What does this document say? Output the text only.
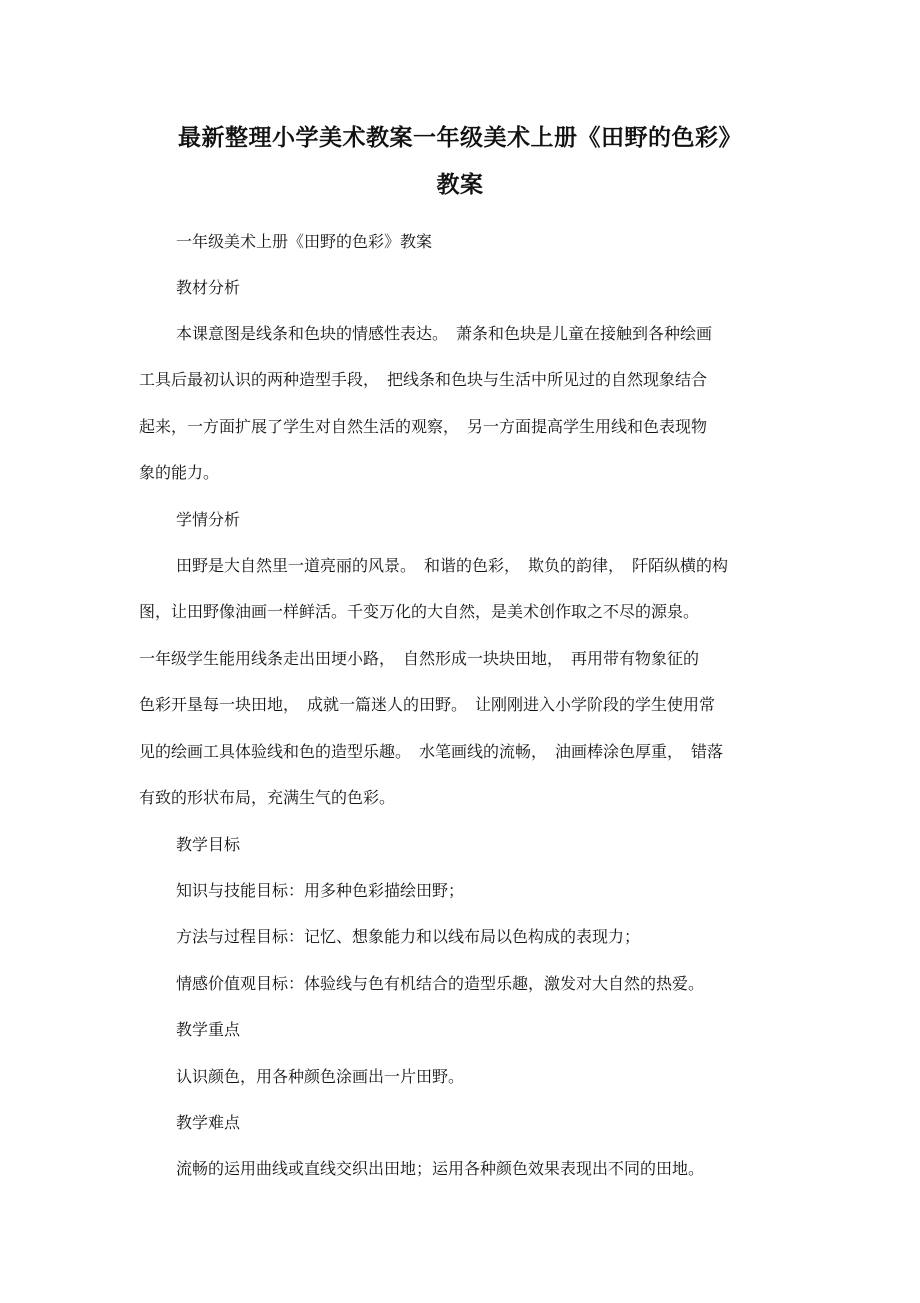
最新整理小学美术教案一年级美术上册《田野的色彩》
教案

一年级美术上册《田野的色彩》教案

教材分析

本课意图是线条和色块的情感性表达。　萧条和色块是儿童在接触到各种绘画

工具后最初认识的两种造型手段，　把线条和色块与生活中所见过的自然现象结合

起来，一方面扩展了学生对自然生活的观察，　另一方面提高学生用线和色表现物

象的能力。

学情分析

田野是大自然里一道亮丽的风景。　和谐的色彩，　欺负的韵律，　阡陌纵横的构

图，让田野像油画一样鲜活。千变万化的大自然，是美术创作取之不尽的源泉。

一年级学生能用线条走出田埂小路，　自然形成一块块田地，　再用带有物象征的

色彩开垦每一块田地，　成就一篇迷人的田野。　让刚刚进入小学阶段的学生使用常

见的绘画工具体验线和色的造型乐趣。　水笔画线的流畅，　油画棒涂色厚重，　错落

有致的形状布局，充满生气的色彩。

教学目标

知识与技能目标：用多种色彩描绘田野；

方法与过程目标：记忆、想象能力和以线布局以色构成的表现力；

情感价值观目标：体验线与色有机结合的造型乐趣，激发对大自然的热爱。

教学重点

认识颜色，用各种颜色涂画出一片田野。

教学难点

流畅的运用曲线或直线交织出田地；运用各种颜色效果表现出不同的田地。
